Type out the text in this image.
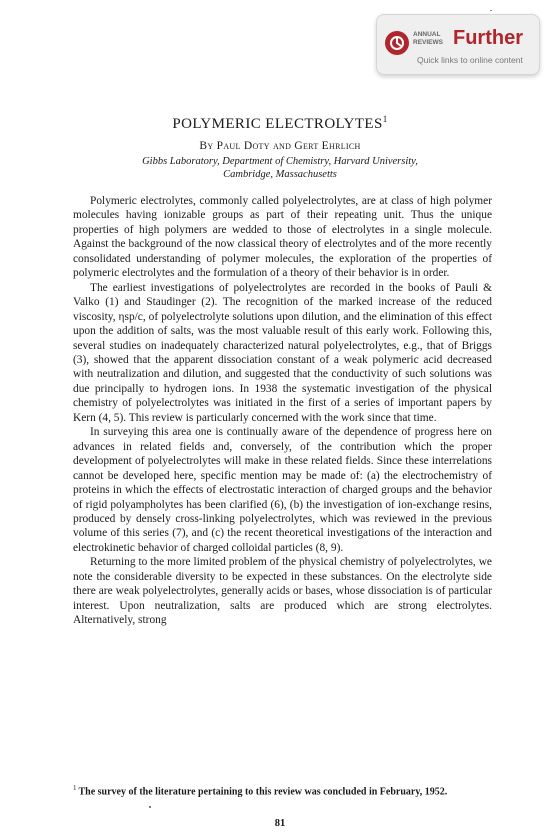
ANNUAL REVIEWS Further
Quick links to online content
POLYMERIC ELECTROLYTES$^1$
By Paul Doty and Gert Ehrlich
Gibbs Laboratory, Department of Chemistry, Harvard University,
Cambridge, Massachusetts

Polymeric electrolytes, commonly called polyelectrolytes, are at class of high polymer molecules having ionizable groups as part of their repeating unit. Thus the unique properties of high polymers are wedded to those of electrolytes in a single molecule. Against the background of the now classical theory of electrolytes and of the more recently consolidated understanding of polymer molecules, the exploration of the properties of polymeric electrolytes and the formulation of a theory of their behavior is in order.

The earliest investigations of polyelectrolytes are recorded in the books of Pauli & Valko (1) and Staudinger (2). The recognition of the marked increase of the reduced viscosity, ηsp/c, of polyelectrolyte solutions upon dilution, and the elimination of this effect upon the addition of salts, was the most valuable result of this early work. Following this, several studies on inadequately characterized natural polyelectrolytes, e.g., that of Briggs (3), showed that the apparent dissociation constant of a weak polymeric acid decreased with neutralization and dilution, and suggested that the conductivity of such solutions was due principally to hydrogen ions. In 1938 the systematic investigation of the physical chemistry of polyelectrolytes was initiated in the first of a series of important papers by Kern (4, 5). This review is particularly concerned with the work since that time.

In surveying this area one is continually aware of the dependence of progress here on advances in related fields and, conversely, of the contribution which the proper development of polyelectrolytes will make in these related fields. Since these interrelations cannot be developed here, specific mention may be made of: (a) the electrochemistry of proteins in which the effects of electrostatic interaction of charged groups and the behavior of rigid polyampholytes has been clarified (6), (b) the investigation of ion-exchange resins, produced by densely cross-linking polyelectrolytes, which was reviewed in the previous volume of this series (7), and (c) the recent theoretical investigations of the interaction and electrokinetic behavior of charged colloidal particles (8, 9).

Returning to the more limited problem of the physical chemistry of polyelectrolytes, we note the considerable diversity to be expected in these substances. On the electrolyte side there are weak polyelectrolytes, generally acids or bases, whose dissociation is of particular interest. Upon neutralization, salts are produced which are strong electrolytes. Alternatively, strong

$^1$ The survey of the literature pertaining to this review was concluded in February, 1952.
81
